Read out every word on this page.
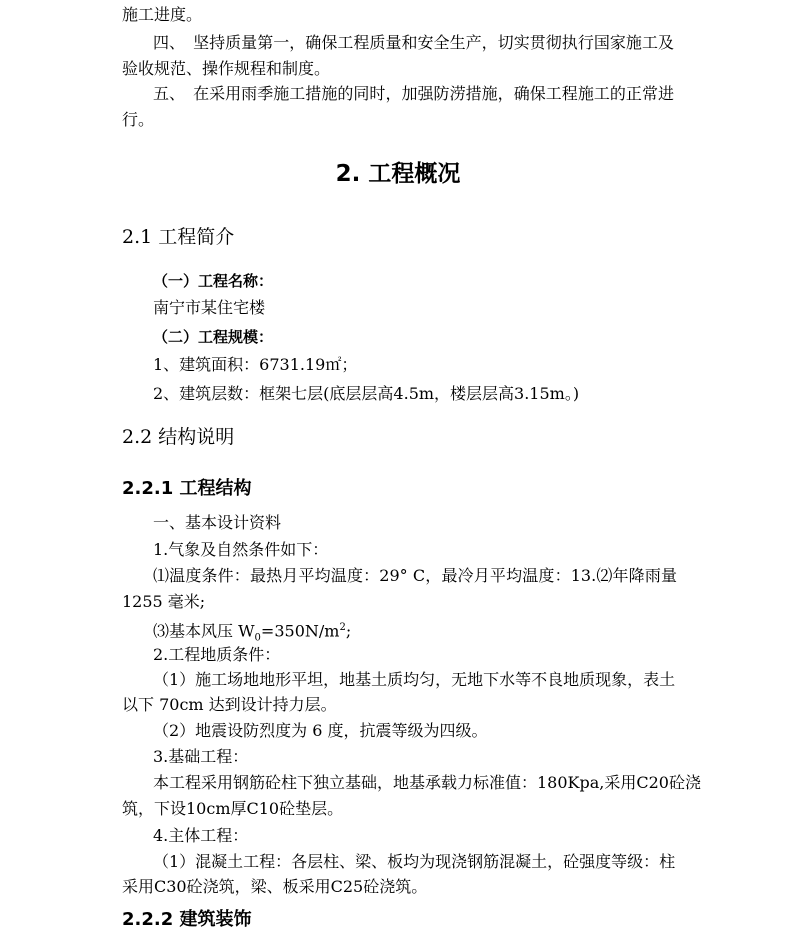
施工进度。
四、　坚持质量第一，确保工程质量和安全生产，切实贯彻执行国家施工及
验收规范、操作规程和制度。
五、　在采用雨季施工措施的同时，加强防涝措施，确保工程施工的正常进
行。
2. 工程概况
2.1 工程简介
（一）工程名称：
南宁市某住宅楼
（二）工程规模：
1、建筑面积：6731.19㎡；
2、建筑层数：框架七层(底层层高4.5m，楼层层高3.15m。)
2.2 结构说明
2.2.1 工程结构
一、基本设计资料
1.气象及自然条件如下：
⑴温度条件：最热月平均温度：29° C，最冷月平均温度：13.⑵年降雨量
1255 毫米;
⑶基本风压 $W_0=350N/m^2$;
2.工程地质条件：
（1）施工场地地形平坦，地基土质均匀，无地下水等不良地质现象，表土
以下 70cm 达到设计持力层。
（2）地震设防烈度为 6 度，抗震等级为四级。
3.基础工程：
本工程采用钢筋砼柱下独立基础，地基承载力标准值：180Kpa,采用C20砼浇
筑，下设10cm厚C10砼垫层。
4.主体工程：
（1）混凝土工程：各层柱、梁、板均为现浇钢筋混凝土，砼强度等级：柱
采用C30砼浇筑，梁、板采用C25砼浇筑。
2.2.2 建筑装饰
